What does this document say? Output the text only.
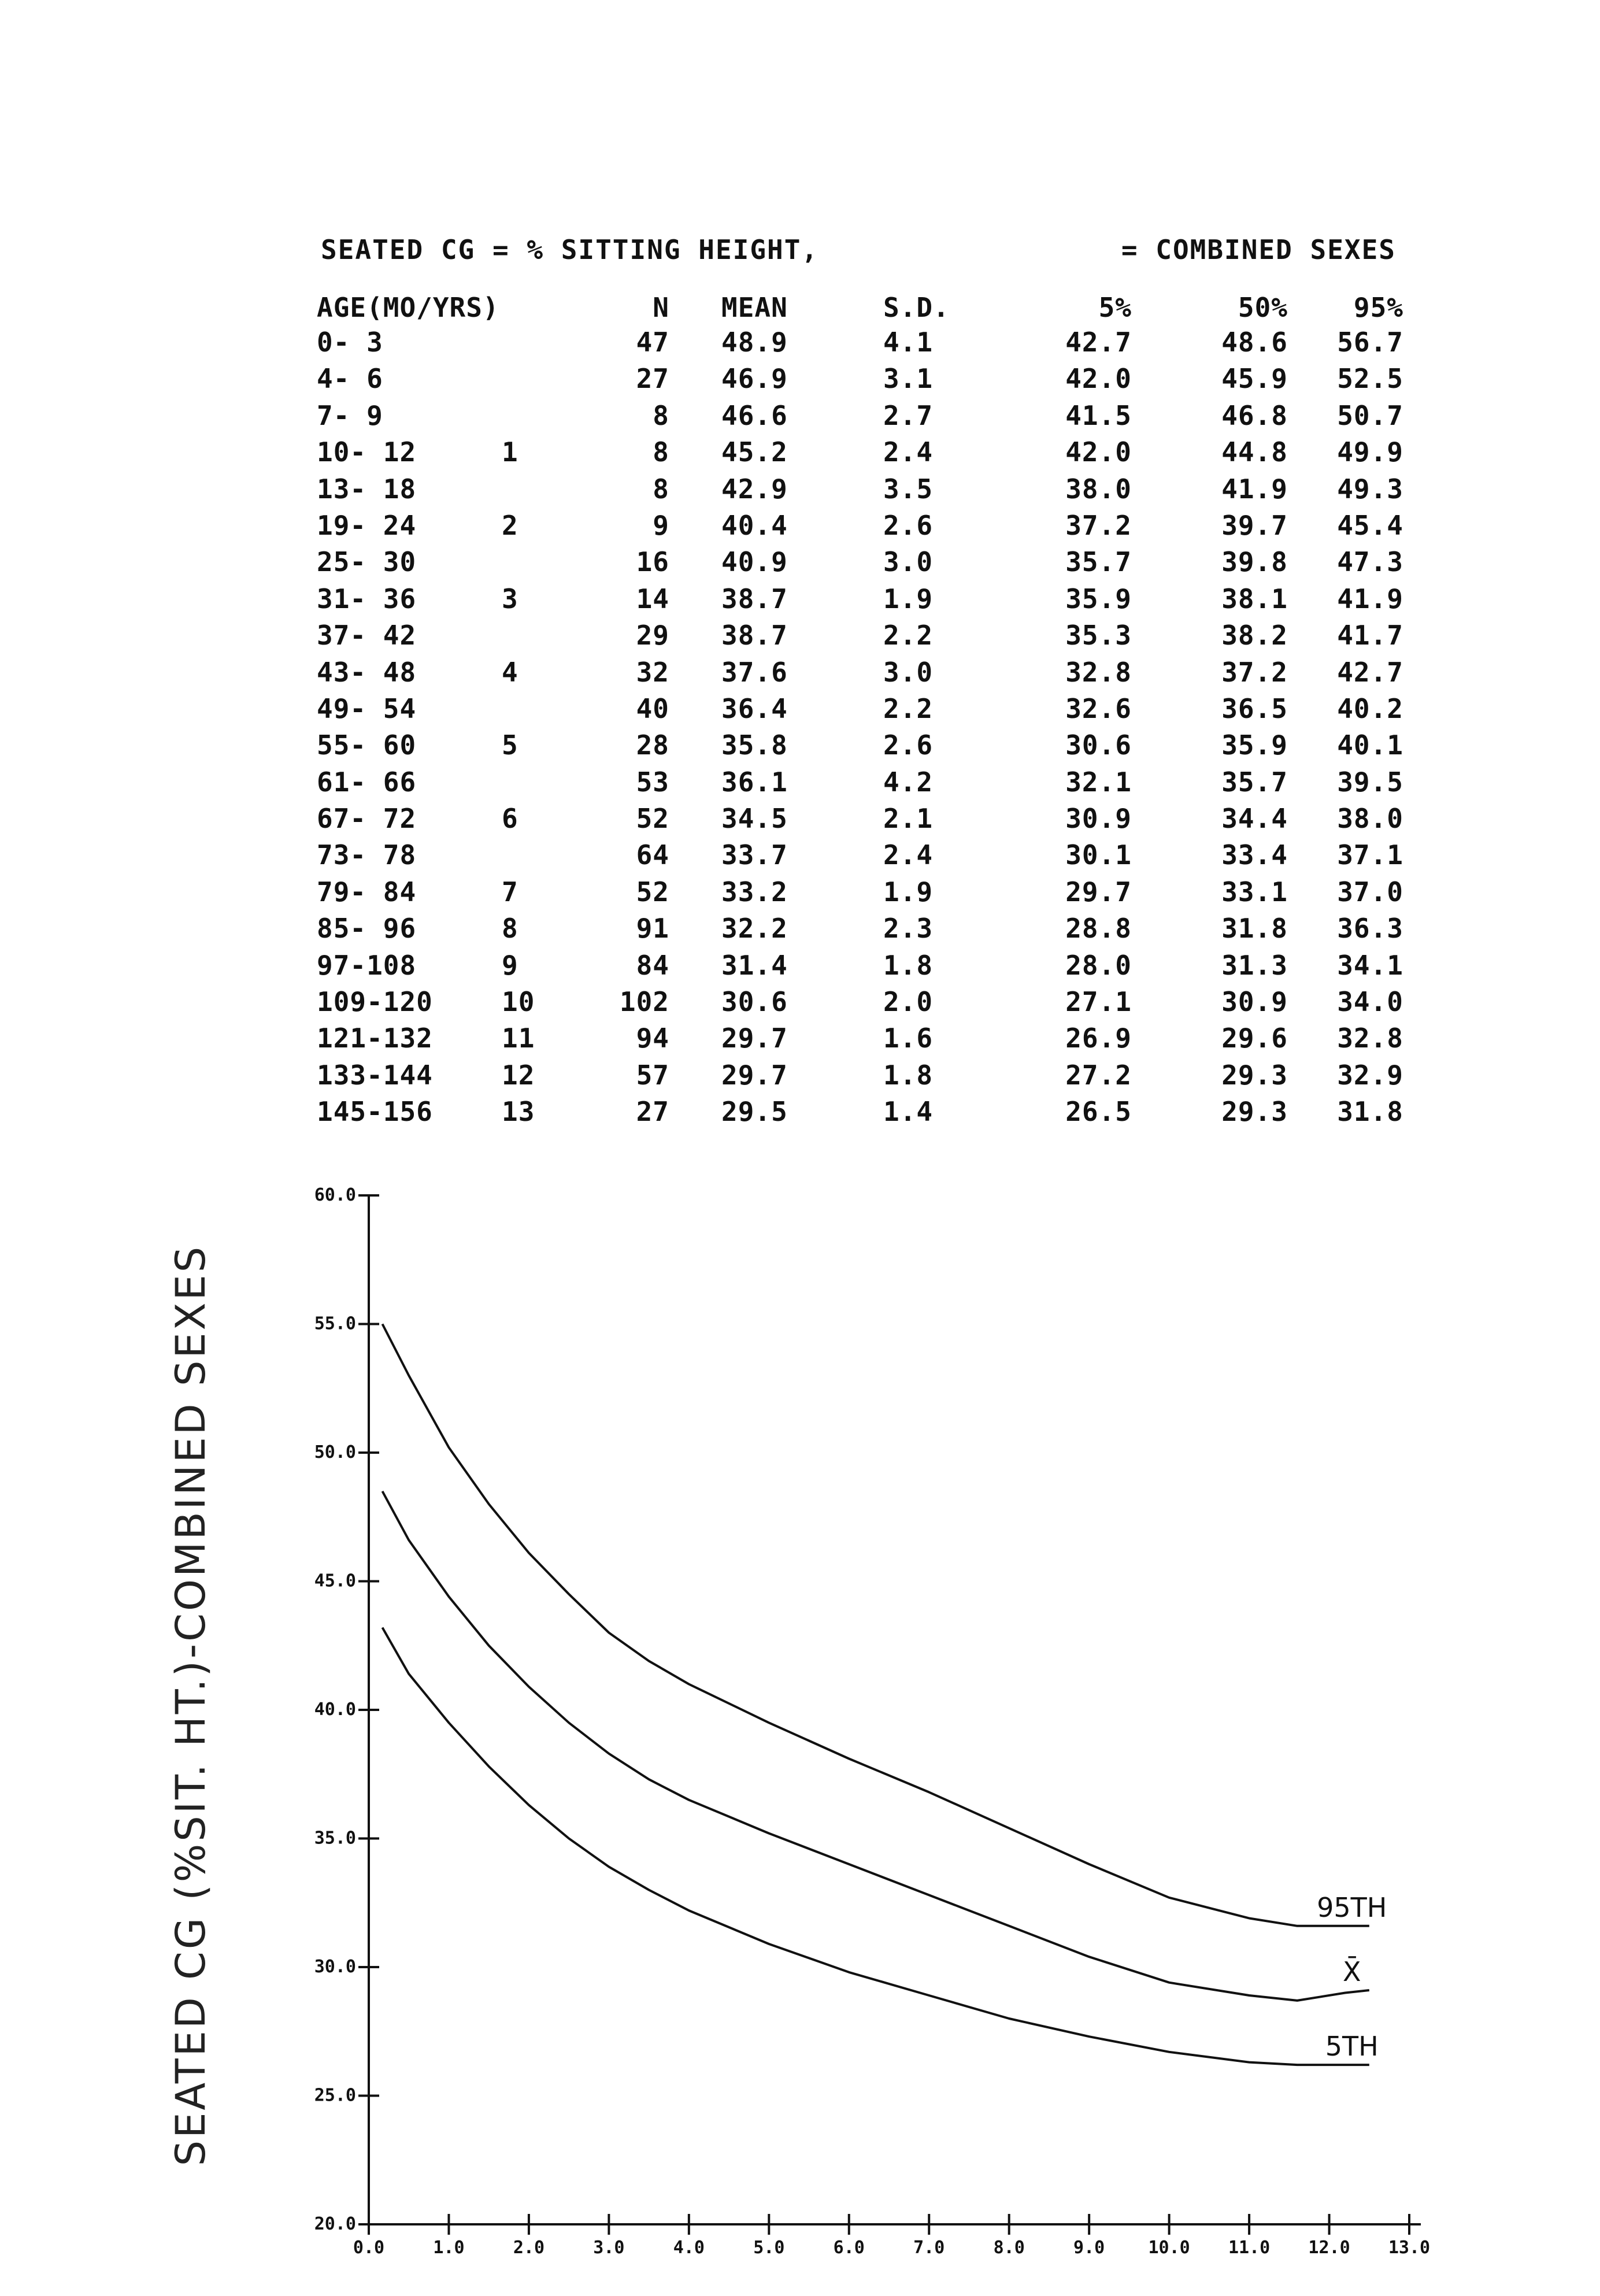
SEATED CG = % SITTING HEIGHT,	= COMBINED SEXES
AGE(MO/YRS)	N MEAN	S.D.	5%	50%	95%
0- 3	47 48.9	4.1	42.7	48.6	56.7
4- 6	27 46.9	3.1	42.0	45.9	52.5
7- 9	8 46.6	2.7	41.5	46.8	50.7
10- 12	1	8 45.2	2.4	42.0	44.8	49.9
13- 18	8 42.9	3.5	38.0	41.9	49.3
19- 24	2	9 40.4	2.6	37.2	39.7	45.4
25- 30	16 40.9	3.0	35.7	39.8	47.3
31- 36	3	14 38.7	1.9	35.9	38.1	41.9
37- 42	29 38.7	2.2	35.3	38.2	41.7
43- 48	4	32 37.6	3.0	32.8	37.2	42.7
49- 54	40 36.4	2.2	32.6	36.5	40.2
55- 60	5	28 35.8	2.6	30.6	35.9	40.1
61- 66	53 36.1	4.2	32.1	35.7	39.5
67- 72	6	52 34.5	2.1	30.9	34.4	38.0
73- 78	64 33.7	2.4	30.1	33.4	37.1
79- 84	7	52 33.2	1.9	29.7	33.1	37.0
85- 96	8	91 32.2	2.3	28.8	31.8	36.3
97-108	9	84 31.4	1.8	28.0	31.3	34.1
109-120	10	102 30.6	2.0	27.1	30.9	34.0
121-132	11	94 29.7	1.6	26.9	29.6	32.8
133-144	12	57 29.7	1.8	27.2	29.3	32.9
145-156	13	27 29.5	1.4	26.5	29.3	31.8
20.0
25.0
30.0
35.0
40.0
45.0
50.0
55.0
60.0
0.0	1.0	2.0	3.0	4.0	5.0	6.0	7.0	8.0	9.0	10.0 11.0 12.0 13.0
95TH
X̄
5TH
SEATED CG (%SIT. HT.)-COMBINED SEXES
